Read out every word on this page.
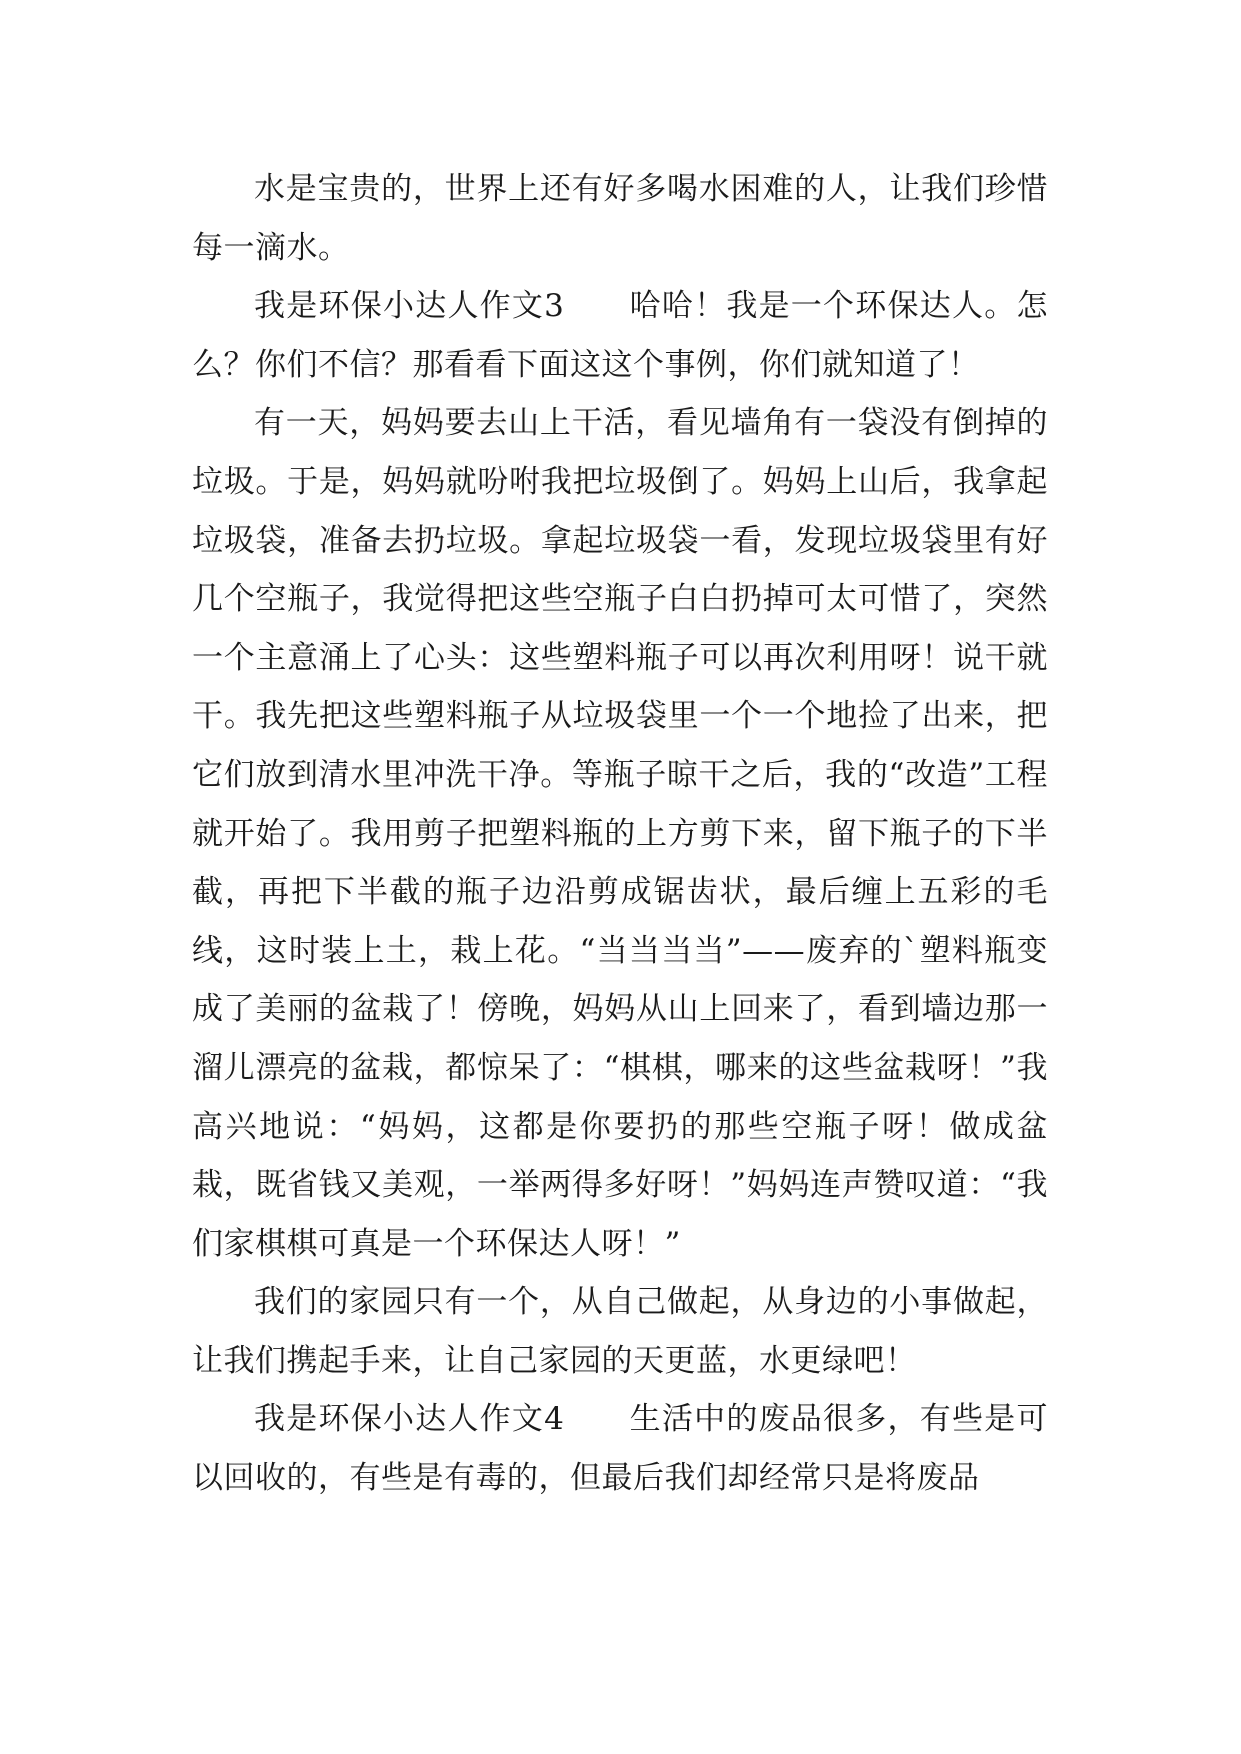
水是宝贵的，世界上还有好多喝水困难的人，让我们珍惜每一滴水。

我是环保小达人作文3　　哈哈！我是一个环保达人。怎么？你们不信？那看看下面这这个事例，你们就知道了！

有一天，妈妈要去山上干活，看见墙角有一袋没有倒掉的垃圾。于是，妈妈就吩咐我把垃圾倒了。妈妈上山后，我拿起垃圾袋，准备去扔垃圾。拿起垃圾袋一看，发现垃圾袋里有好几个空瓶子，我觉得把这些空瓶子白白扔掉可太可惜了，突然一个主意涌上了心头：这些塑料瓶子可以再次利用呀！说干就干。我先把这些塑料瓶子从垃圾袋里一个一个地捡了出来，把它们放到清水里冲洗干净。等瓶子晾干之后，我的“改造”工程就开始了。我用剪子把塑料瓶的上方剪下来，留下瓶子的下半截，再把下半截的瓶子边沿剪成锯齿状，最后缠上五彩的毛线，这时装上土，栽上花。“当当当当”——废弃的`塑料瓶变成了美丽的盆栽了！傍晚，妈妈从山上回来了，看到墙边那一溜儿漂亮的盆栽，都惊呆了：“棋棋，哪来的这些盆栽呀！”我高兴地说：“妈妈，这都是你要扔的那些空瓶子呀！做成盆栽，既省钱又美观，一举两得多好呀！”妈妈连声赞叹道：“我们家棋棋可真是一个环保达人呀！”

我们的家园只有一个，从自己做起，从身边的小事做起，让我们携起手来，让自己家园的天更蓝，水更绿吧！

我是环保小达人作文4　　生活中的废品很多，有些是可以回收的，有些是有毒的，但最后我们却经常只是将废品
